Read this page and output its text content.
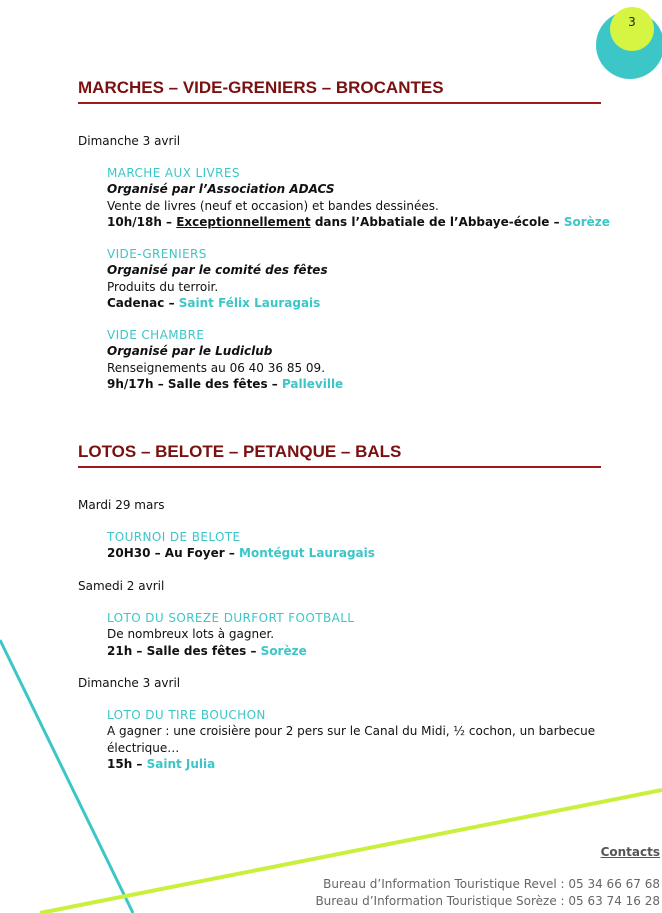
3
MARCHES – VIDE-GRENIERS – BROCANTES
Dimanche 3 avril
MARCHE AUX LIVRES
Organisé par l’Association ADACS
Vente de livres (neuf et occasion) et bandes dessinées.
10h/18h – Exceptionnellement dans l’Abbatiale de l’Abbaye-école – Sorèze
VIDE-GRENIERS
Organisé par le comité des fêtes
Produits du terroir.
Cadenac – Saint Félix Lauragais
VIDE CHAMBRE
Organisé par le Ludiclub
Renseignements au 06 40 36 85 09.
9h/17h – Salle des fêtes – Palleville
LOTOS – BELOTE – PETANQUE – BALS
Mardi 29 mars
TOURNOI DE BELOTE
20H30 – Au Foyer – Montégut Lauragais
Samedi 2 avril
LOTO DU SOREZE DURFORT FOOTBALL
De nombreux lots à gagner.
21h – Salle des fêtes – Sorèze
Dimanche 3 avril
LOTO DU TIRE BOUCHON
A gagner : une croisière pour 2 pers sur le Canal du Midi, ½ cochon, un barbecue
électrique…
15h – Saint Julia
Contacts
Bureau d’Information Touristique Revel : 05 34 66 67 68
Bureau d’Information Touristique Sorèze : 05 63 74 16 28
